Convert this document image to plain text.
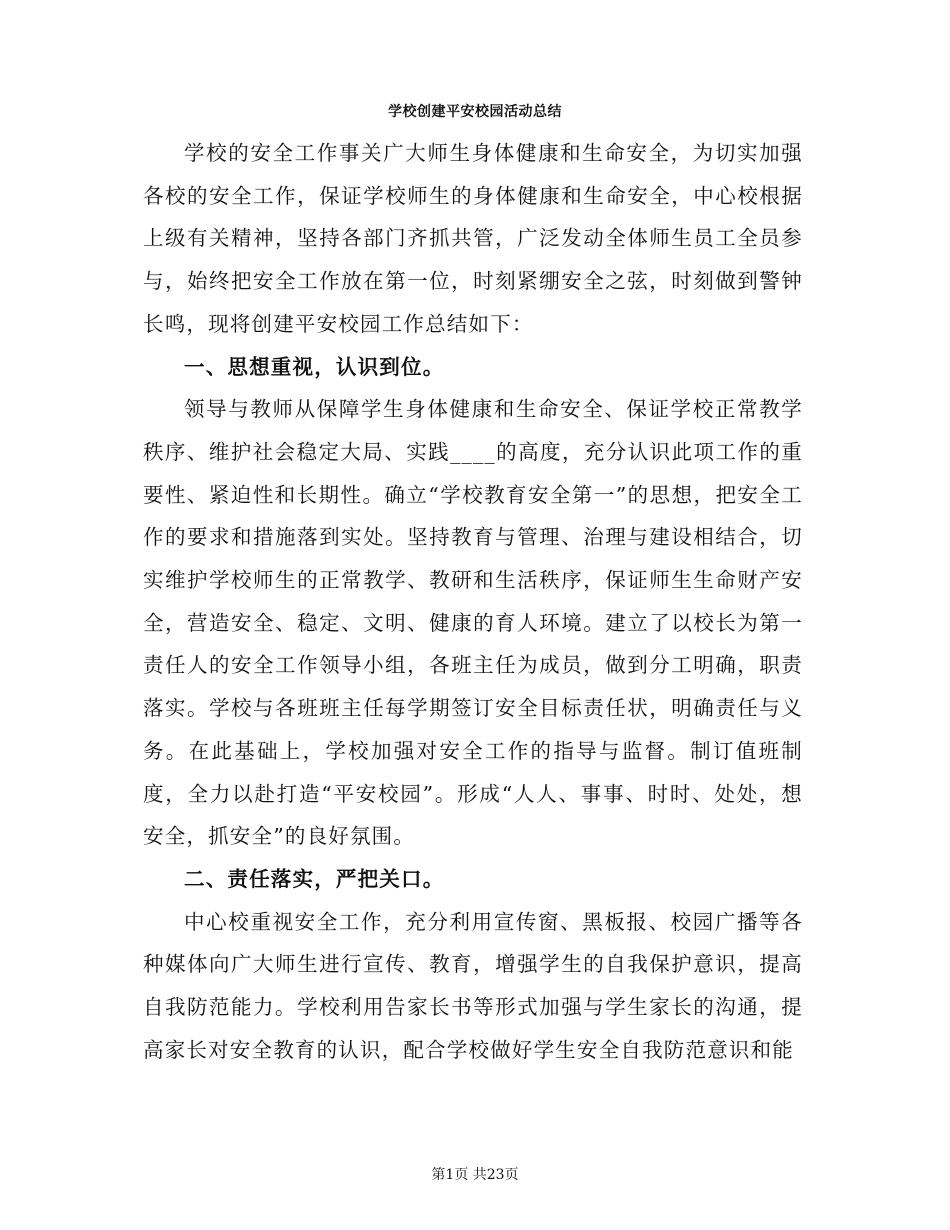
学校创建平安校园活动总结

学校的安全工作事关广大师生身体健康和生命安全，为切实加强各校的安全工作，保证学校师生的身体健康和生命安全，中心校根据上级有关精神，坚持各部门齐抓共管，广泛发动全体师生员工全员参与，始终把安全工作放在第一位，时刻紧绷安全之弦，时刻做到警钟长鸣，现将创建平安校园工作总结如下：

一、思想重视，认识到位。

领导与教师从保障学生身体健康和生命安全、保证学校正常教学秩序、维护社会稳定大局、实践____的高度，充分认识此项工作的重要性、紧迫性和长期性。确立“学校教育安全第一”的思想，把安全工作的要求和措施落到实处。坚持教育与管理、治理与建设相结合，切实维护学校师生的正常教学、教研和生活秩序，保证师生生命财产安全，营造安全、稳定、文明、健康的育人环境。建立了以校长为第一责任人的安全工作领导小组，各班主任为成员，做到分工明确，职责落实。学校与各班班主任每学期签订安全目标责任状，明确责任与义务。在此基础上，学校加强对安全工作的指导与监督。制订值班制度，全力以赴打造“平安校园”。形成“人人、事事、时时、处处，想安全，抓安全”的良好氛围。

二、责任落实，严把关口。

中心校重视安全工作，充分利用宣传窗、黑板报、校园广播等各种媒体向广大师生进行宣传、教育，增强学生的自我保护意识，提高自我防范能力。学校利用告家长书等形式加强与学生家长的沟通，提高家长对安全教育的认识，配合学校做好学生安全自我防范意识和能

第1页 共23页
